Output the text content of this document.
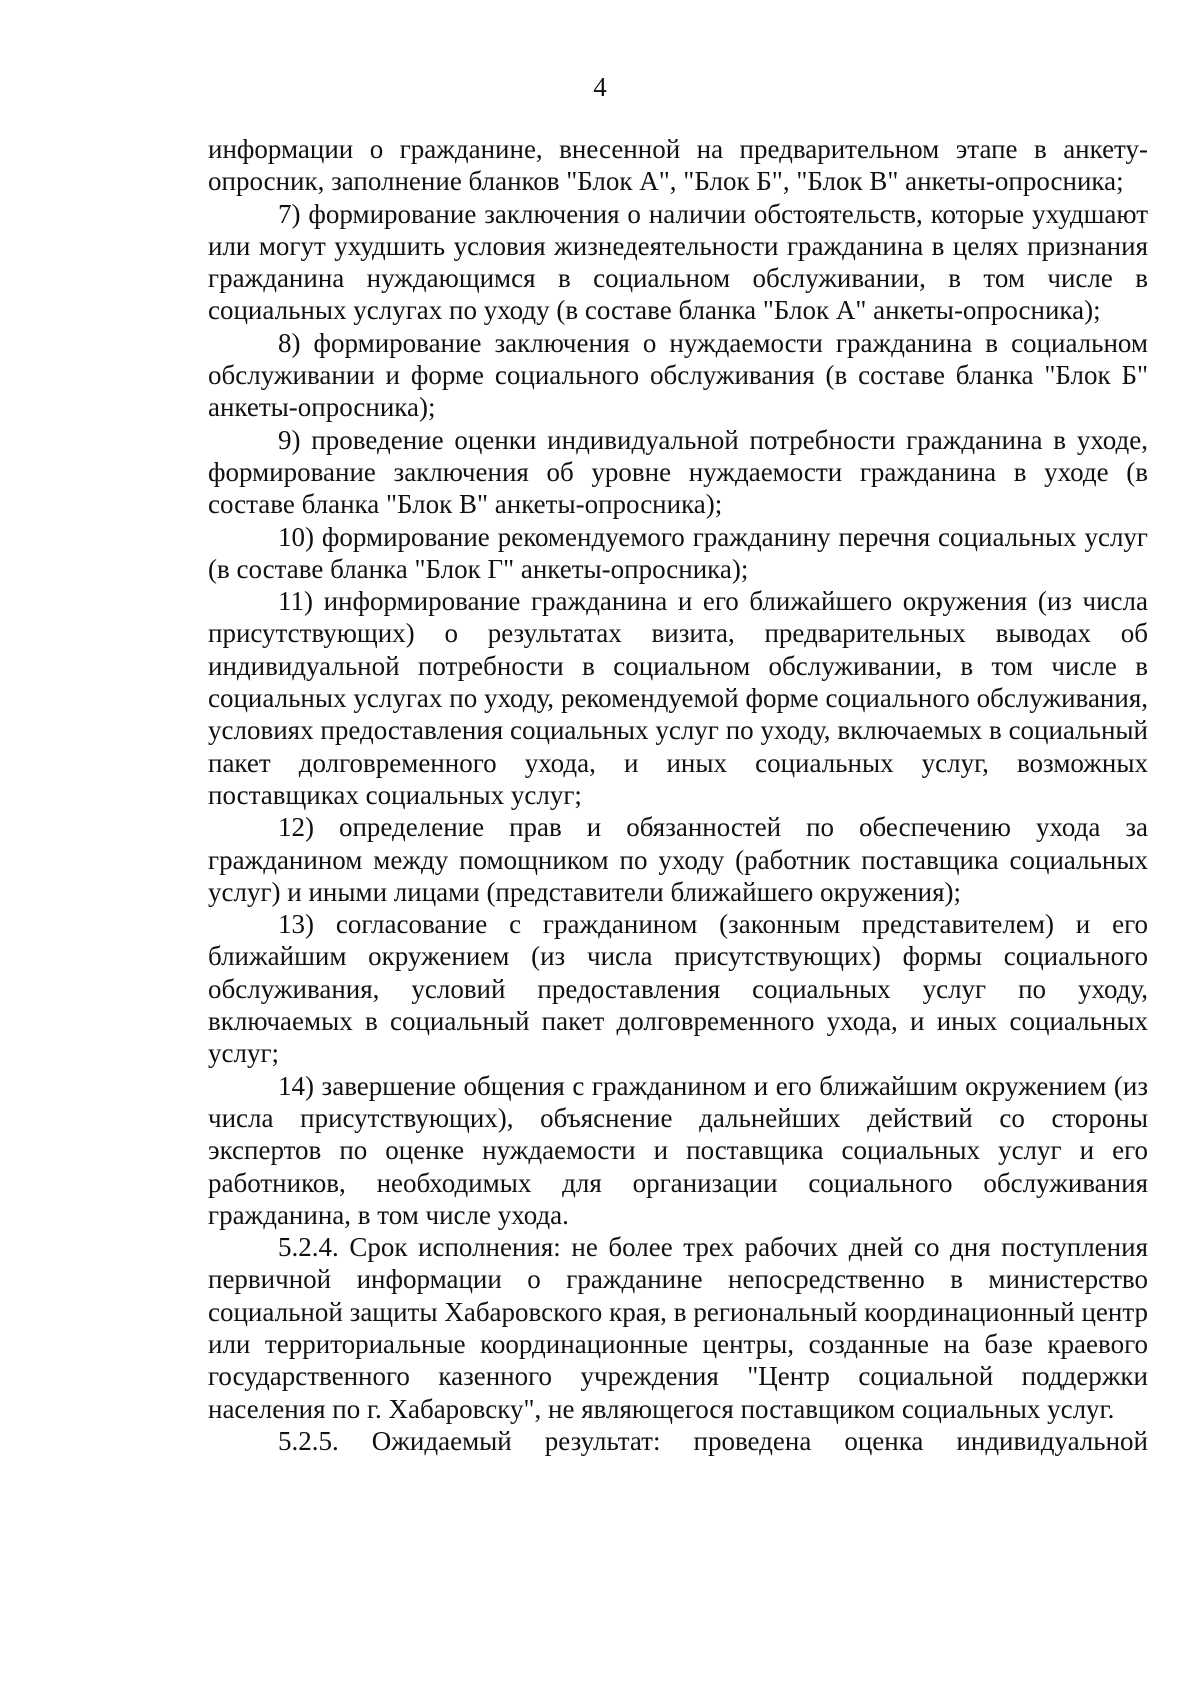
4

информации о гражданине, внесенной на предварительном этапе в анкету-опросник, заполнение бланков "Блок А", "Блок Б", "Блок В" анкеты-опросника;

7) формирование заключения о наличии обстоятельств, которые ухудшают или могут ухудшить условия жизнедеятельности гражданина в целях признания гражданина нуждающимся в социальном обслуживании, в том числе в социальных услугах по уходу (в составе бланка "Блок А" анкеты-опросника);

8) формирование заключения о нуждаемости гражданина в социальном обслуживании и форме социального обслуживания (в составе бланка "Блок Б" анкеты-опросника);

9) проведение оценки индивидуальной потребности гражданина в уходе, формирование заключения об уровне нуждаемости гражданина в уходе (в составе бланка "Блок В" анкеты-опросника);

10) формирование рекомендуемого гражданину перечня социальных услуг (в составе бланка "Блок Г" анкеты-опросника);

11) информирование гражданина и его ближайшего окружения (из числа присутствующих) о результатах визита, предварительных выводах об индивидуальной потребности в социальном обслуживании, в том числе в социальных услугах по уходу, рекомендуемой форме социального обслуживания, условиях предоставления социальных услуг по уходу, включаемых в социальный пакет долговременного ухода, и иных социальных услуг, возможных поставщиках социальных услуг;

12) определение прав и обязанностей по обеспечению ухода за гражданином между помощником по уходу (работник поставщика социальных услуг) и иными лицами (представители ближайшего окружения);

13) согласование с гражданином (законным представителем) и его ближайшим окружением (из числа присутствующих) формы социального обслуживания, условий предоставления социальных услуг по уходу, включаемых в социальный пакет долговременного ухода, и иных социальных услуг;

14) завершение общения с гражданином и его ближайшим окружением (из числа присутствующих), объяснение дальнейших действий со стороны экспертов по оценке нуждаемости и поставщика социальных услуг и его работников, необходимых для организации социального обслуживания гражданина, в том числе ухода.

5.2.4. Срок исполнения: не более трех рабочих дней со дня поступления первичной информации о гражданине непосредственно в министерство социальной защиты Хабаровского края, в региональный координационный центр или территориальные координационные центры, созданные на базе краевого государственного казенного учреждения "Центр социальной поддержки населения по г. Хабаровску", не являющегося поставщиком социальных услуг.

5.2.5. Ожидаемый результат: проведена оценка индивидуальной
